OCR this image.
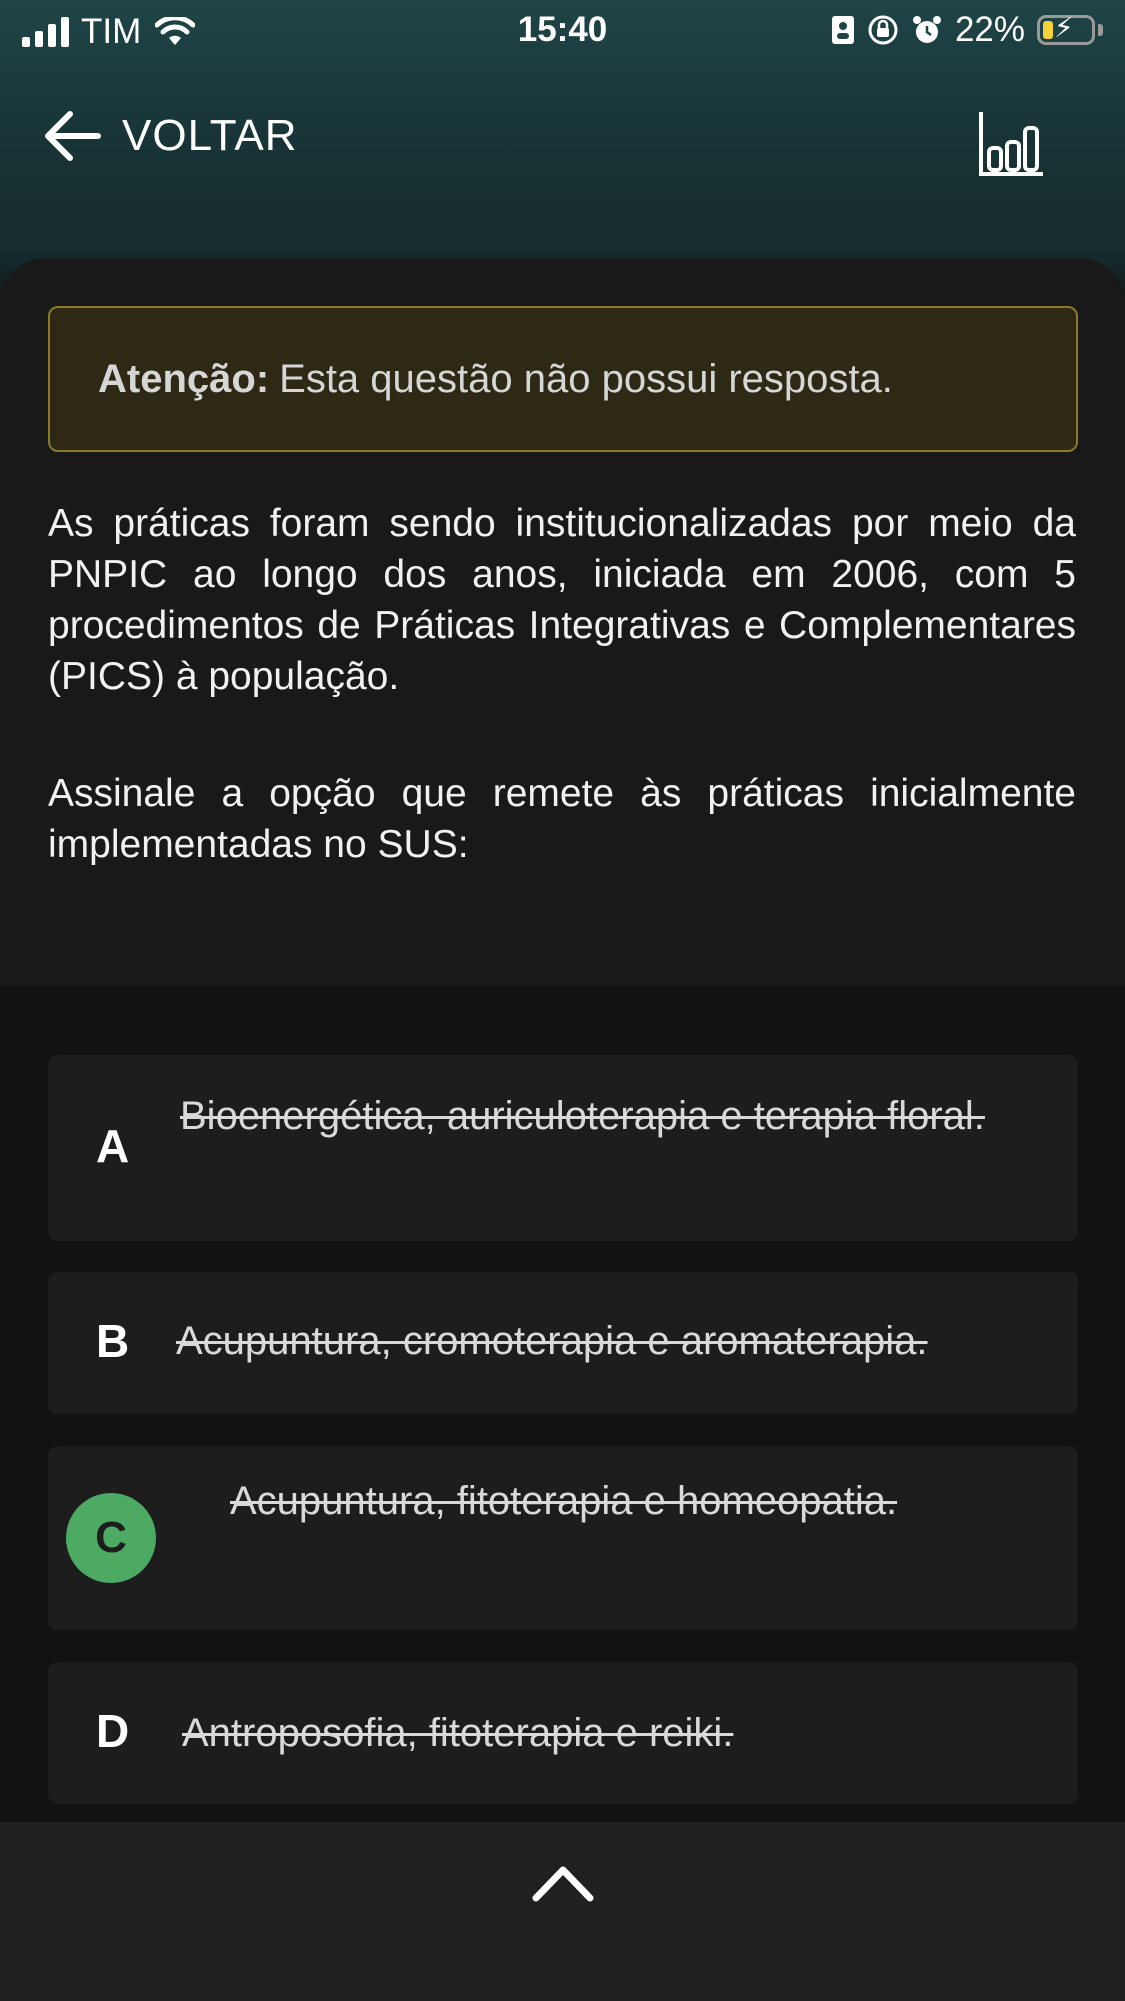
TIM	15:40	22% ⚡
VOLTAR
Atenção: Esta questão não possui resposta.

As práticas foram sendo institucionalizadas por meio da PNPIC ao longo dos anos, iniciada em 2006, com 5 procedimentos de Práticas Integrativas e Complementares (PICS) à população.

Assinale a opção que remete às práticas inicialmente implementadas no SUS:

A
Bioenergética, auriculoterapia e terapia floral.
B Acupuntura, cromoterapia e aromaterapia.
C
Acupuntura, fitoterapia e homeopatia.
D Antroposofia, fitoterapia e reiki.
